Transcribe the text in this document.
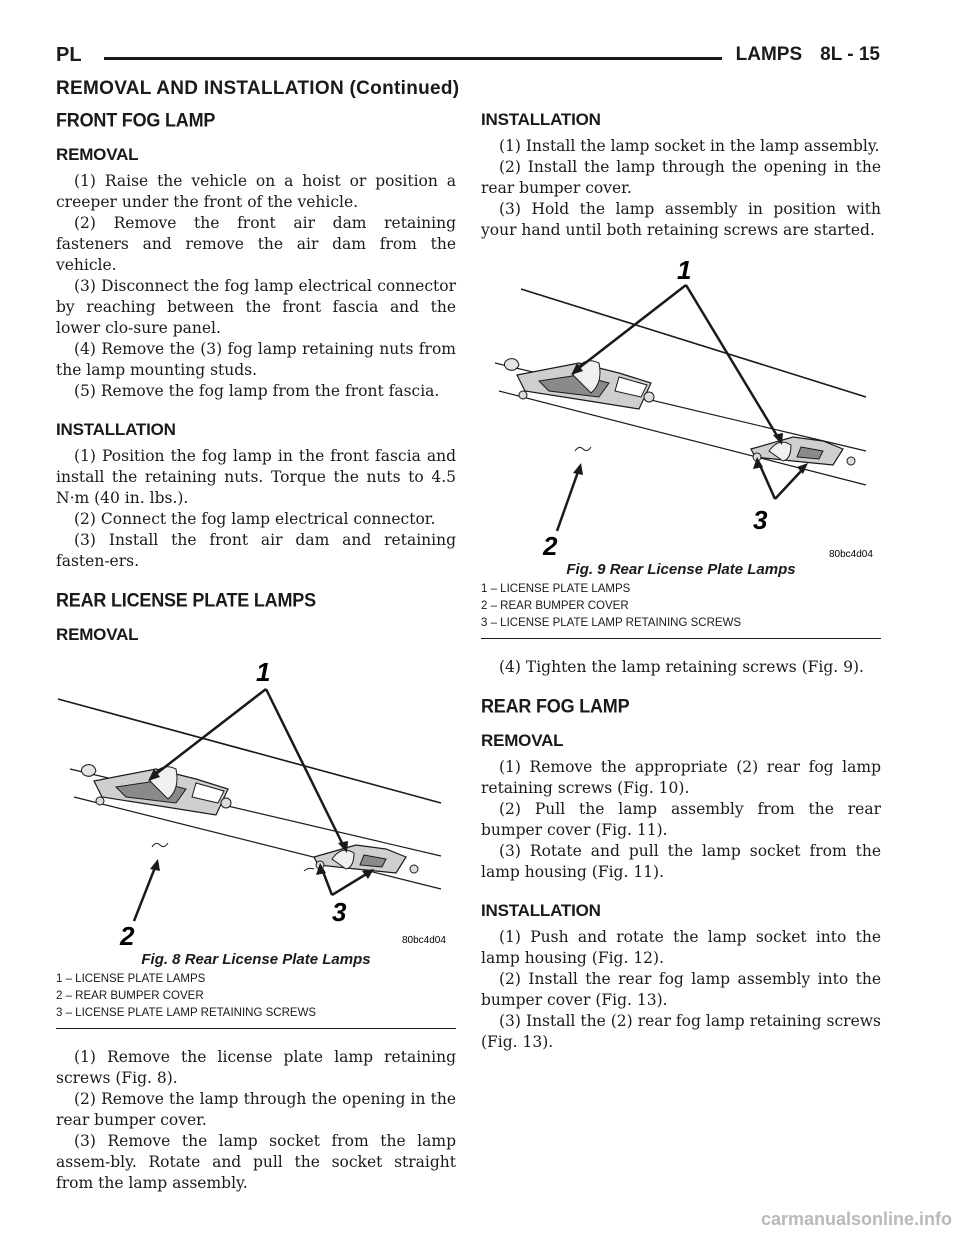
PL	LAMPS 8L - 15
REMOVAL AND INSTALLATION (Continued)
FRONT FOG LAMP
REMOVAL

(1) Raise the vehicle on a hoist or position a creeper under the front of the vehicle.

(2) Remove the front air dam retaining fasteners and remove the air dam from the vehicle.

(3) Disconnect the fog lamp electrical connector by reaching between the front fascia and the lower clo-sure panel.

(4) Remove the (3) fog lamp retaining nuts from the lamp mounting studs.

(5) Remove the fog lamp from the front fascia.

INSTALLATION

(1) Position the fog lamp in the front fascia and install the retaining nuts. Torque the nuts to 4.5 N·m (40 in. lbs.).

(2) Connect the fog lamp electrical connector.

(3) Install the front air dam and retaining fasten-ers.

REAR LICENSE PLATE LAMPS
REMOVAL
1
2
3
80bc4d04
Fig. 8 Rear License Plate Lamps
1 – LICENSE PLATE LAMPS
2 – REAR BUMPER COVER
3 – LICENSE PLATE LAMP RETAINING SCREWS

(1) Remove the license plate lamp retaining screws (Fig. 8).

(2) Remove the lamp through the opening in the rear bumper cover.

(3) Remove the lamp socket from the lamp assem-bly. Rotate and pull the socket straight from the lamp assembly.

INSTALLATION

(1) Install the lamp socket in the lamp assembly.

(2) Install the lamp through the opening in the rear bumper cover.

(3) Hold the lamp assembly in position with your hand until both retaining screws are started.

1
2
3
80bc4d04
Fig. 9 Rear License Plate Lamps
1 – LICENSE PLATE LAMPS
2 – REAR BUMPER COVER
3 – LICENSE PLATE LAMP RETAINING SCREWS

(4) Tighten the lamp retaining screws (Fig. 9).

REAR FOG LAMP
REMOVAL

(1) Remove the appropriate (2) rear fog lamp retaining screws (Fig. 10).

(2) Pull the lamp assembly from the rear bumper cover (Fig. 11).

(3) Rotate and pull the lamp socket from the lamp housing (Fig. 11).

INSTALLATION

(1) Push and rotate the lamp socket into the lamp housing (Fig. 12).

(2) Install the rear fog lamp assembly into the bumper cover (Fig. 13).

(3) Install the (2) rear fog lamp retaining screws (Fig. 13).

carmanualsonline.info
